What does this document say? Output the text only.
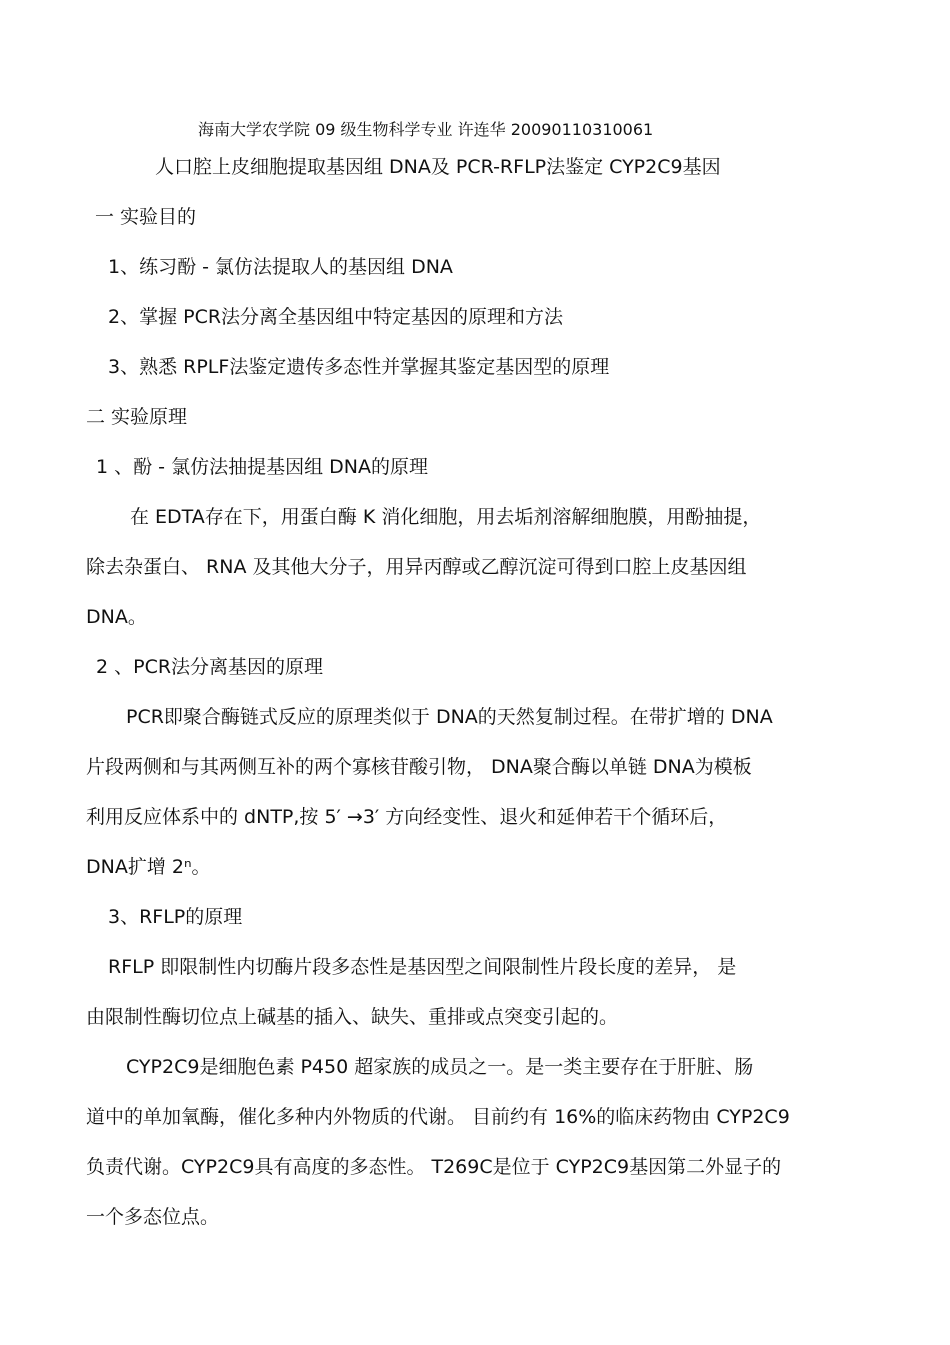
海南大学农学院 09 级生物科学专业 许连华 20090110310061
人口腔上皮细胞提取基因组 DNA及 PCR-RFLP法鉴定 CYP2C9基因
一 实验目的
1、练习酚 - 氯仿法提取人的基因组 DNA
2、掌握 PCR法分离全基因组中特定基因的原理和方法
3、熟悉 RPLF法鉴定遗传多态性并掌握其鉴定基因型的原理
二 实验原理
1 、酚 - 氯仿法抽提基因组 DNA的原理
在 EDTA存在下，用蛋白酶 K 消化细胞，用去垢剂溶解细胞膜，用酚抽提，
除去杂蛋白、 RNA 及其他大分子，用异丙醇或乙醇沉淀可得到口腔上皮基因组
DNA。
2 、PCR法分离基因的原理
PCR即聚合酶链式反应的原理类似于 DNA的天然复制过程。在带扩增的 DNA
片段两侧和与其两侧互补的两个寡核苷酸引物， DNA聚合酶以单链 DNA为模板
利用反应体系中的 dNTP,按 5′ →3′ 方向经变性、退火和延伸若干个循环后，
DNA扩增 2ⁿ。
3、RFLP的原理
RFLP 即限制性内切酶片段多态性是基因型之间限制性片段长度的差异， 是
由限制性酶切位点上碱基的插入、缺失、重排或点突变引起的。
CYP2C9是细胞色素 P450 超家族的成员之一。是一类主要存在于肝脏、肠
道中的单加氧酶，催化多种内外物质的代谢。 目前约有 16%的临床药物由 CYP2C9
负责代谢。CYP2C9具有高度的多态性。 T269C是位于 CYP2C9基因第二外显子的
一个多态位点。
